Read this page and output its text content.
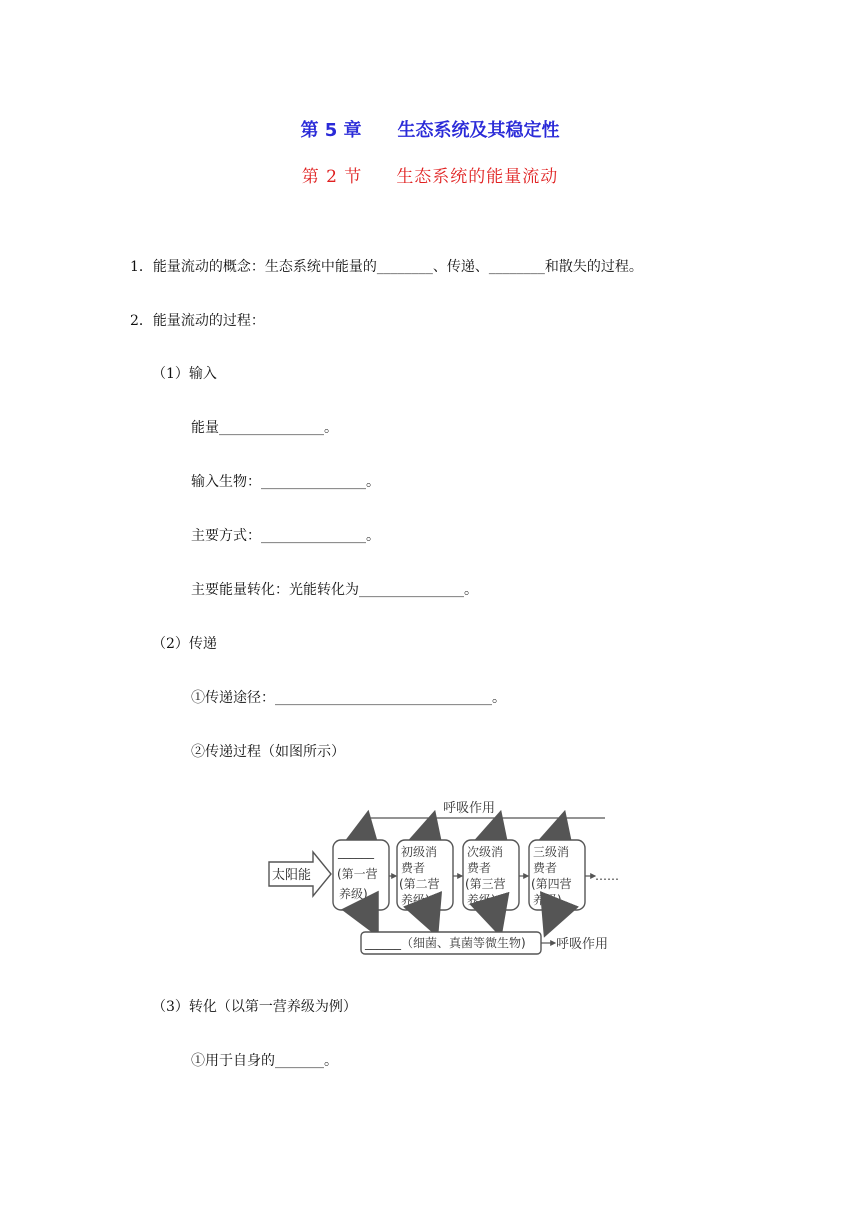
第 5 章 生态系统及其稳定性
第 2 节 生态系统的能量流动
1．能量流动的概念：生态系统中能量的________、传递、________和散失的过程。
2．能量流动的过程：
（1）输入
能量_______________。
输入生物：_______________。
主要方式：_______________。
主要能量转化：光能转化为_______________。
（2）传递
①传递途径：_______________________________。
②传递过程（如图所示）
呼吸作用
太阳能
______
(第一营
养级)
初级消
费者
(第二营
养级)
次级消
费者
(第三营
养级)
三级消
费者
(第四营
养级)
……
______（细菌、真菌等微生物) 呼吸作用
（3）转化（以第一营养级为例）
①用于自身的_______。
